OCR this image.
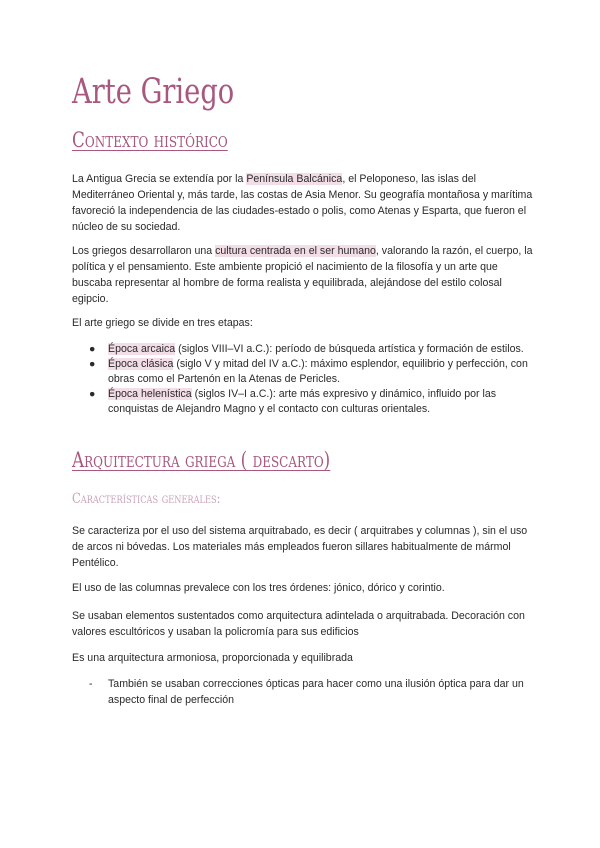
Arte Griego
Contexto histórico

La Antigua Grecia se extendía por la Península Balcánica, el Peloponeso, las islas del Mediterráneo Oriental y, más tarde, las costas de Asia Menor. Su geografía montañosa y marítima favoreció la independencia de las ciudades-estado o polis, como Atenas y Esparta, que fueron el núcleo de su sociedad.

Los griegos desarrollaron una cultura centrada en el ser humano, valorando la razón, el cuerpo, la política y el pensamiento. Este ambiente propició el nacimiento de la filosofía y un arte que buscaba representar al hombre de forma realista y equilibrada, alejándose del estilo colosal egipcio.

El arte griego se divide en tres etapas:

● Época arcaica (siglos VIII–VI a.C.): período de búsqueda artística y formación de estilos.
● Época clásica (siglo V y mitad del IV a.C.): máximo esplendor, equilibrio y perfección, con obras como el Partenón en la Atenas de Pericles.
● Época helenística (siglos IV–I a.C.): arte más expresivo y dinámico, influido por las conquistas de Alejandro Magno y el contacto con culturas orientales.
Arquitectura griega ( descarto)
Características generales:

Se caracteriza por el uso del sistema arquitrabado, es decir ( arquitrabes y columnas ), sin el uso de arcos ni bóvedas. Los materiales más empleados fueron sillares habitualmente de mármol Pentélico.

El uso de las columnas prevalece con los tres órdenes: jónico, dórico y corintio.

Se usaban elementos sustentados como arquitectura adintelada o arquitrabada. Decoración con valores escultóricos y usaban la policromía para sus edificios

Es una arquitectura armoniosa, proporcionada y equilibrada

- También se usaban correcciones ópticas para hacer como una ilusión óptica para dar un aspecto final de perfección
